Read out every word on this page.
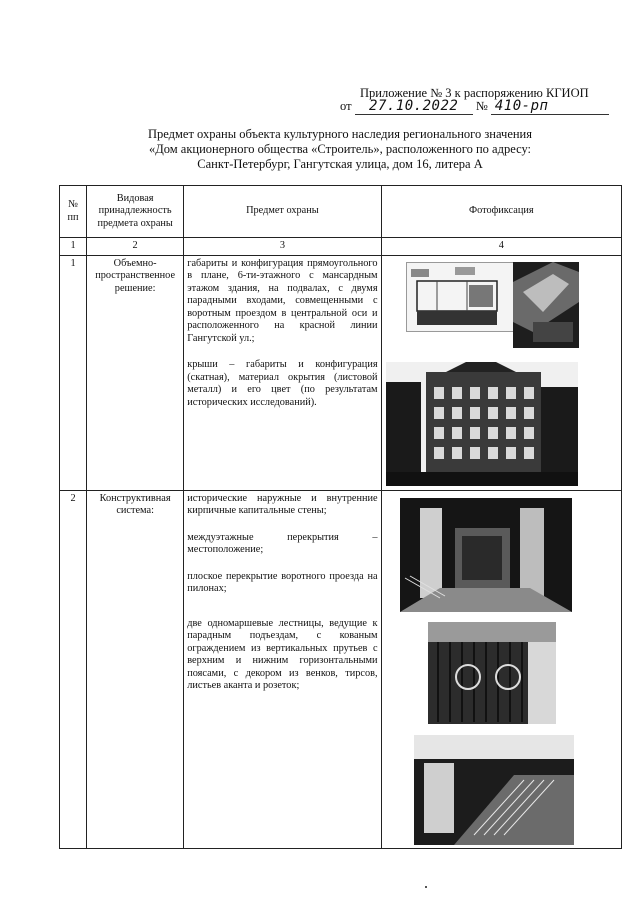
Приложение № 3 к распоряжению КГИОП
от 27.10.2022 № 410-рп
Предмет охраны объекта культурного наследия регионального значения
«Дом акционерного общества «Строитель», расположенного по адресу:
Санкт-Петербург, Гангутская улица, дом 16, литера А
№
пп	Видовая принадлежность предмета охраны	Предмет охраны	Фотофиксация
1	2	3	4
1	Объемно-пространственное решение:	габариты и конфигурация прямоугольного в плане, 6-ти-этажного с мансардным этажом здания, на подвалах, с двумя парадными входами, совмещенными с воротным проездом в центральной оси и расположенного на красной линии Гангутской ул.;

крыши – габариты и конфигурация (скатная), материал окрытия (листовой металл) и его цвет (по результатам исторических исследований).	

2	Конструктивная система:	исторические наружные и внутренние кирпичные капитальные стены;

междуэтажные перекрытия – местоположение;

плоское перекрытие воротного проезда на пилонах;

две одномаршевые лестницы, ведущие к парадным подъездам, с кованым ограждением из вертикальных прутьев с верхним и нижним горизонтальными поясами, с декором из венков, тирсов, листьев аканта и розеток;	
